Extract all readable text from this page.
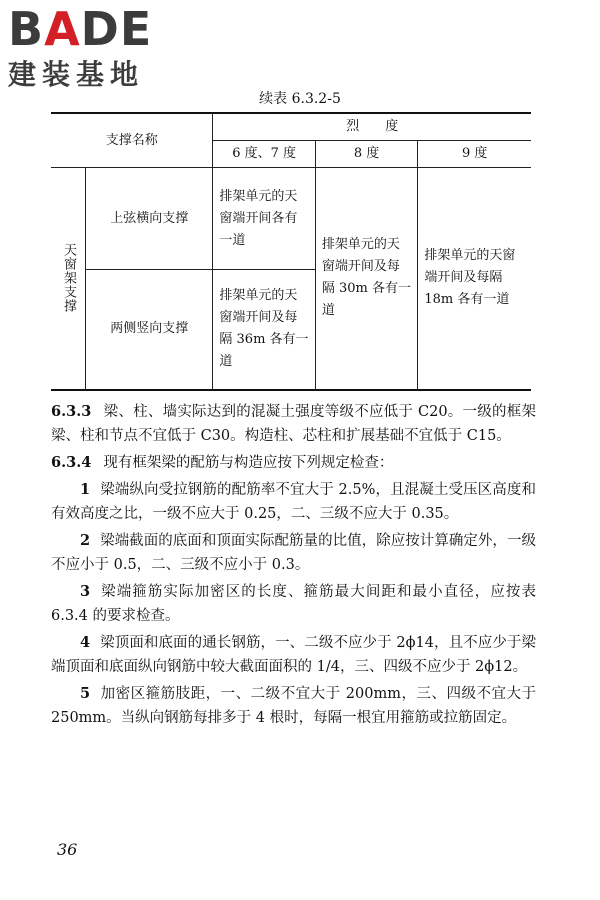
BADE
建装基地
续表 6.3.2-5
支撑名称		烈　　度		
		6 度、7 度	8 度	9 度
天窗架支撑	上弦横向支撑	排架单元的天窗端开间各有一道	排架单元的天窗端开间及每隔 30m 各有一道	排架单元的天窗端开间及每隔 18m 各有一道
	两侧竖向支撑	排架单元的天窗端开间及每隔 36m 各有一道		

6.3.3 梁、柱、墙实际达到的混凝土强度等级不应低于 C20。一级的框架梁、柱和节点不宜低于 C30。构造柱、芯柱和扩展基础不宜低于 C15。

6.3.4 现有框架梁的配筋与构造应按下列规定检查：

1 梁端纵向受拉钢筋的配筋率不宜大于 2.5%，且混凝土受压区高度和有效高度之比，一级不应大于 0.25，二、三级不应大于 0.35。

2 梁端截面的底面和顶面实际配筋量的比值，除应按计算确定外，一级不应小于 0.5，二、三级不应小于 0.3。

3 梁端箍筋实际加密区的长度、箍筋最大间距和最小直径，应按表 6.3.4 的要求检查。

4 梁顶面和底面的通长钢筋，一、二级不应少于 2ϕ14，且不应少于梁端顶面和底面纵向钢筋中较大截面面积的 1/4，三、四级不应少于 2ϕ12。

5 加密区箍筋肢距，一、二级不宜大于 200mm，三、四级不宜大于 250mm。当纵向钢筋每排多于 4 根时，每隔一根宜用箍筋或拉筋固定。

36
